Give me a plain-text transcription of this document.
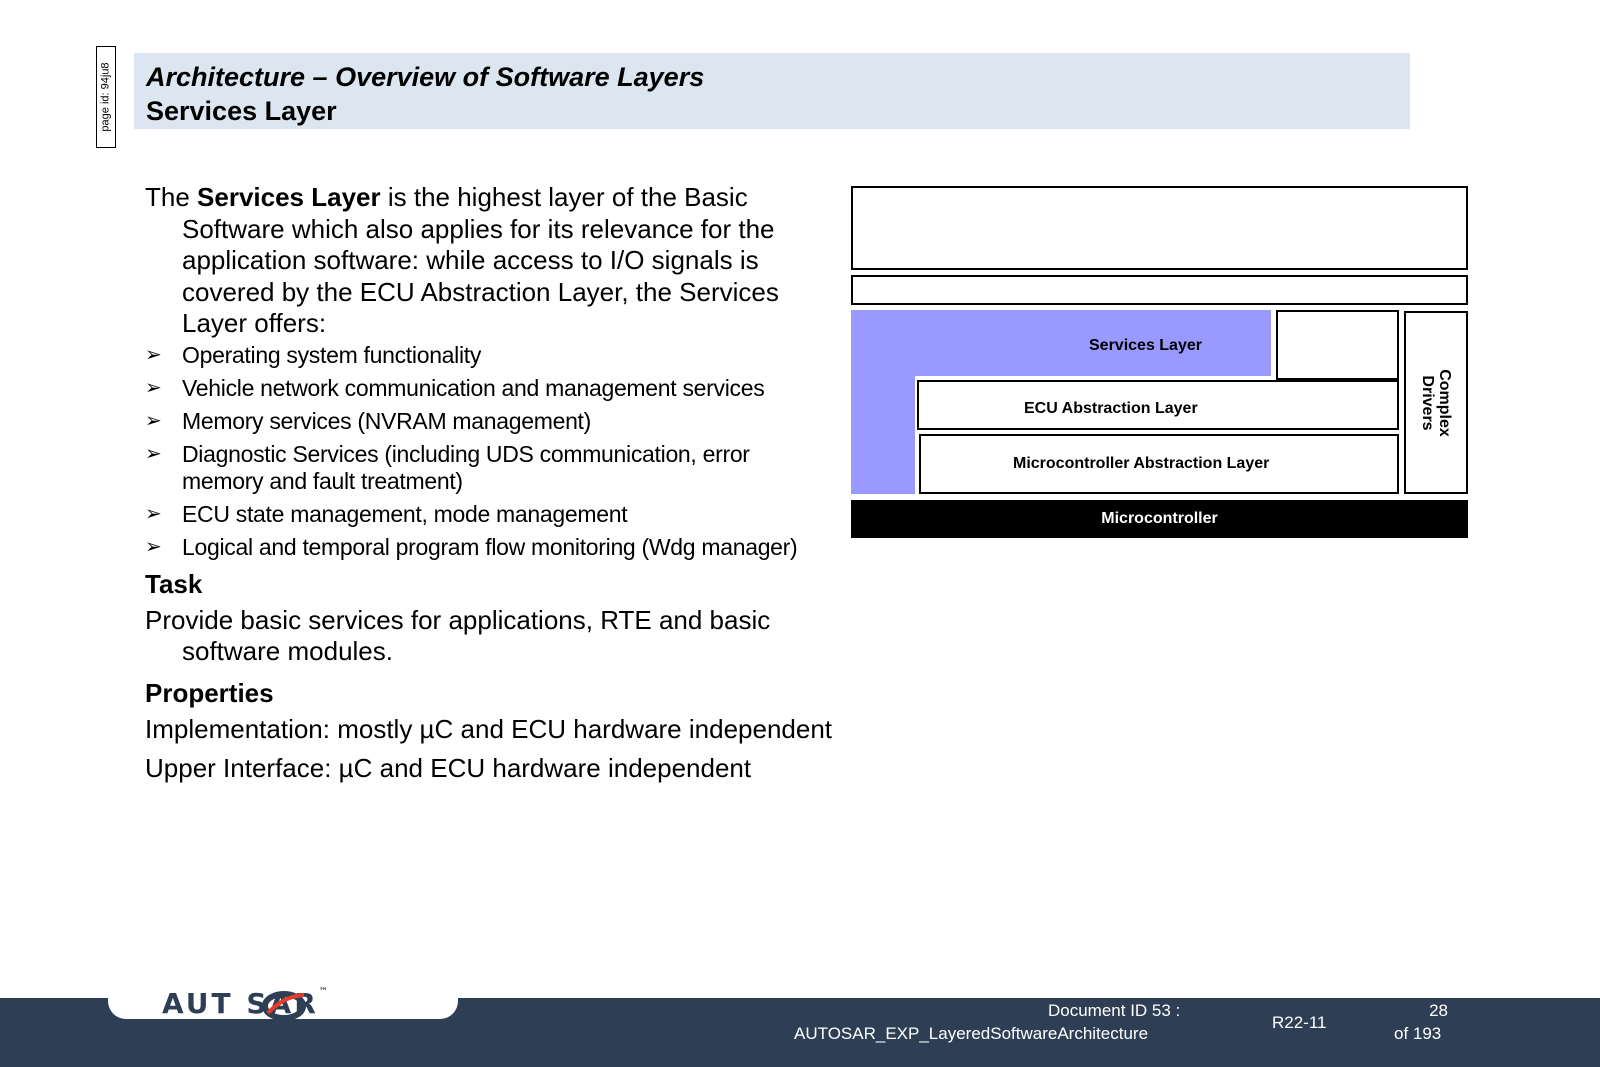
page id: 94ju8 Architecture – Overview of Software Layers
Services Layer

The Services Layer is the highest layer of the Basic Software which also applies for its relevance for the application software: while access to I/O signals is covered by the ECU Abstraction Layer, the Services Layer offers:

➢ Operating system functionality
➢ Vehicle network communication and management services
➢ Memory services (NVRAM management)
➢ Diagnostic Services (including UDS communication, error memory and fault treatment)
➢ ECU state management, mode management
➢ Logical and temporal program flow monitoring (Wdg manager)
Task

Provide basic services for applications, RTE and basic software modules.

Properties

Implementation: mostly µC and ECU hardware independent

Upper Interface: µC and ECU hardware independent

Services Layer
ECU Abstraction Layer
Microcontroller Abstraction Layer
Complex Drivers
Microcontroller
AUT SAR™
Document ID 53 :
AUTOSAR_EXP_LayeredSoftwareArchitecture
R22-11
28
of 193
